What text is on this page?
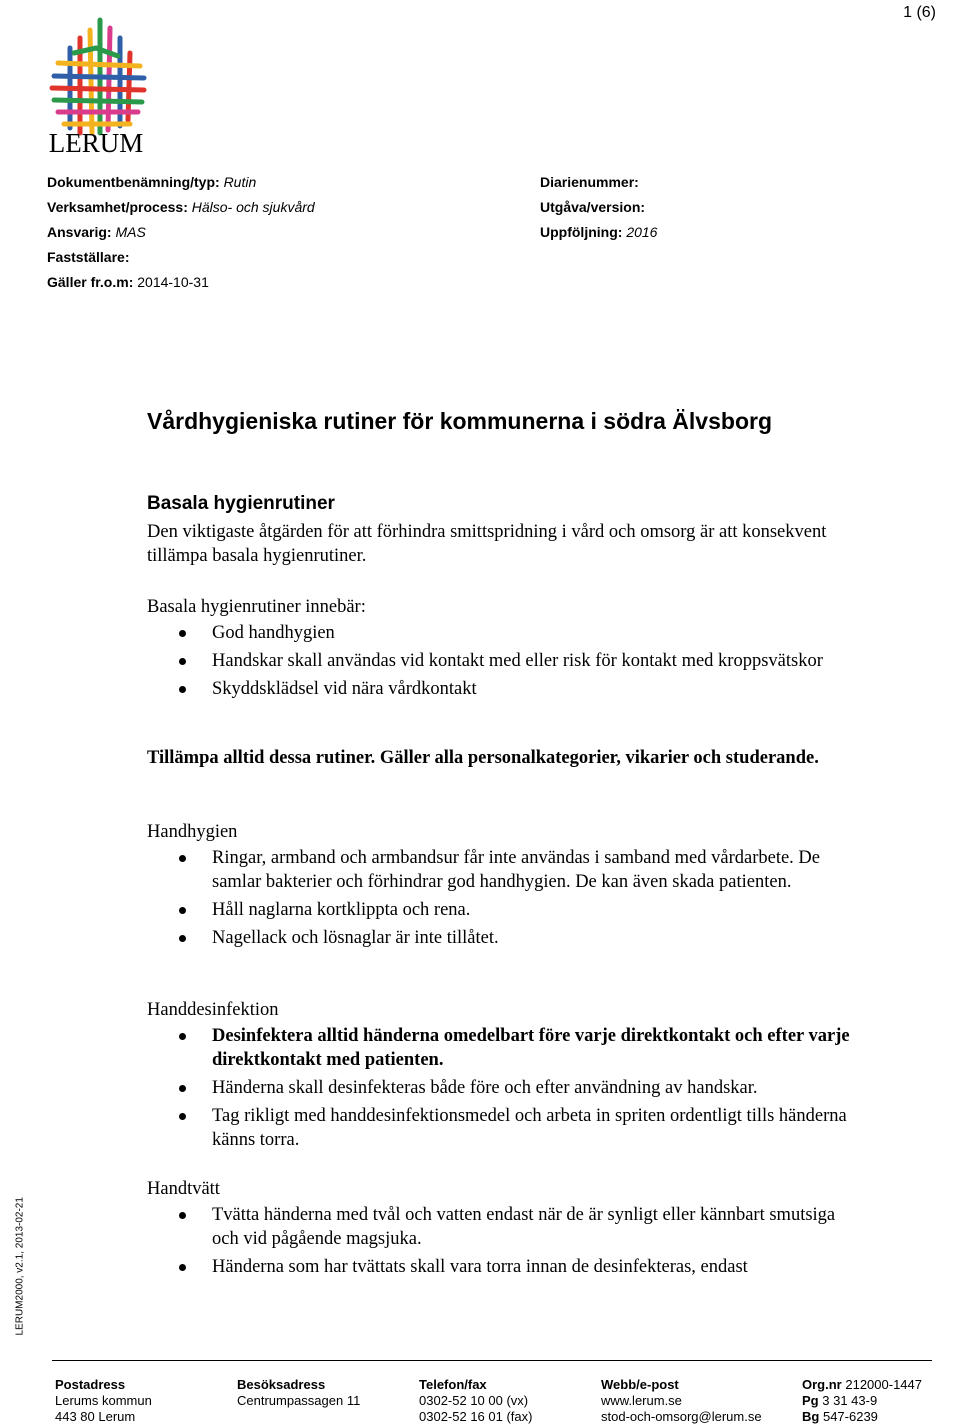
1 (6)
LERUM
Dokumentbenämning/typ: Rutin
Verksamhet/process: Hälso- och sjukvård
Ansvarig: MAS
Fastställare:
Gäller fr.o.m: 2014-10-31
Diarienummer:
Utgåva/version:
Uppföljning: 2016
Vårdhygieniska rutiner för kommunerna i södra Älvsborg
Basala hygienrutiner
Den viktigaste åtgärden för att förhindra smittspridning i vård och omsorg är att konsekvent tillämpa basala hygienrutiner.
Basala hygienrutiner innebär:
God handhygien
Handskar skall användas vid kontakt med eller risk för kontakt med kroppsvätskor
Skyddsklädsel vid nära vårdkontakt
Tillämpa alltid dessa rutiner. Gäller alla personalkategorier, vikarier och studerande.
Handhygien
Ringar, armband och armbandsur får inte användas i samband med vårdarbete. De samlar bakterier och förhindrar god handhygien. De kan även skada patienten.
Håll naglarna kortklippta och rena.
Nagellack och lösnaglar är inte tillåtet.
Handdesinfektion
Desinfektera alltid händerna omedelbart före varje direktkontakt och efter varje direktkontakt med patienten.
Händerna skall desinfekteras både före och efter användning av handskar.
Tag rikligt med handdesinfektionsmedel och arbeta in spriten ordentligt tills händerna känns torra.
Handtvätt
Tvätta händerna med tvål och vatten endast när de är synligt eller kännbart smutsiga och vid pågående magsjuka.
Händerna som har tvättats skall vara torra innan de desinfekteras, endast
LERUM2000, v2.1, 2013-02-21
Postadress
Lerums kommun
443 80 Lerum
Besöksadress
Centrumpassagen 11
Telefon/fax
0302-52 10 00 (vx)
0302-52 16 01 (fax)
Webb/e-post
www.lerum.se
stod-och-omsorg@lerum.se
Org.nr 212000-1447
Pg 3 31 43-9
Bg 547-6239
